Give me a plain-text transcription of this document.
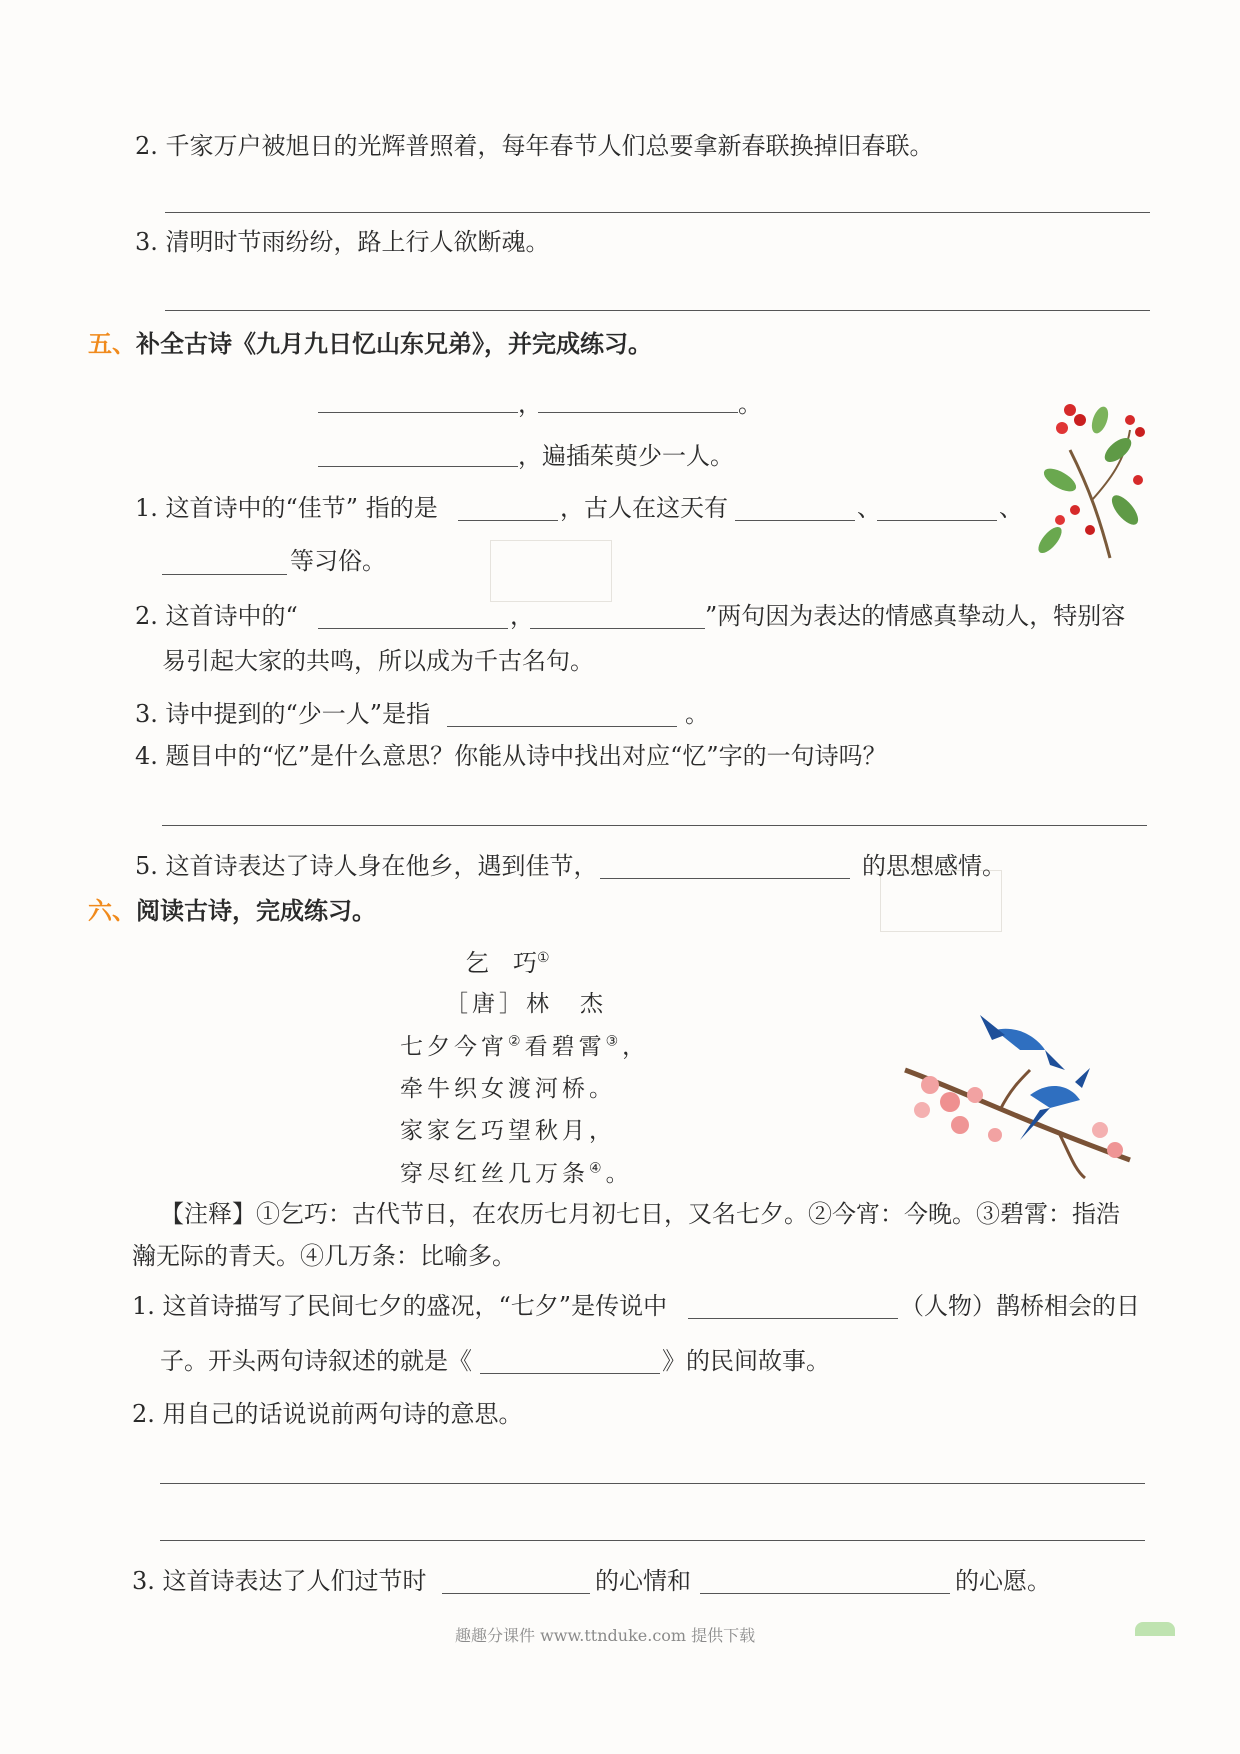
2. 千家万户被旭日的光辉普照着，每年春节人们总要拿新春联换掉旧春联。
3. 清明时节雨纷纷，路上行人欲断魂。
五、补全古诗《九月九日忆山东兄弟》，并完成练习。
，	。
，遍插茱萸少一人。
1. 这首诗中的“佳节” 指的是	，古人在这天有	、	、
等习俗。
2. 这首诗中的“	，	”两句因为表达的情感真挚动人，特别容
易引起大家的共鸣，所以成为千古名句。
3. 诗中提到的“少一人”是指	。
4. 题目中的“忆”是什么意思？你能从诗中找出对应“忆”字的一句诗吗？
5. 这首诗表达了诗人身在他乡，遇到佳节，	的思想感情。
六、阅读古诗，完成练习。
乞　巧①
［唐］林　杰
七夕今宵②看碧霄③，
牵牛织女渡河桥。
家家乞巧望秋月，
穿尽红丝几万条④。
【注释】①乞巧：古代节日，在农历七月初七日，又名七夕。②今宵：今晚。③碧霄：指浩
瀚无际的青天。④几万条：比喻多。
1. 这首诗描写了民间七夕的盛况，“七夕”是传说中	（人物）鹊桥相会的日
子。开头两句诗叙述的就是《	》的民间故事。
2. 用自己的话说说前两句诗的意思。
3. 这首诗表达了人们过节时	的心情和	的心愿。
趣趣分课件 www.ttnduke.com 提供下载
